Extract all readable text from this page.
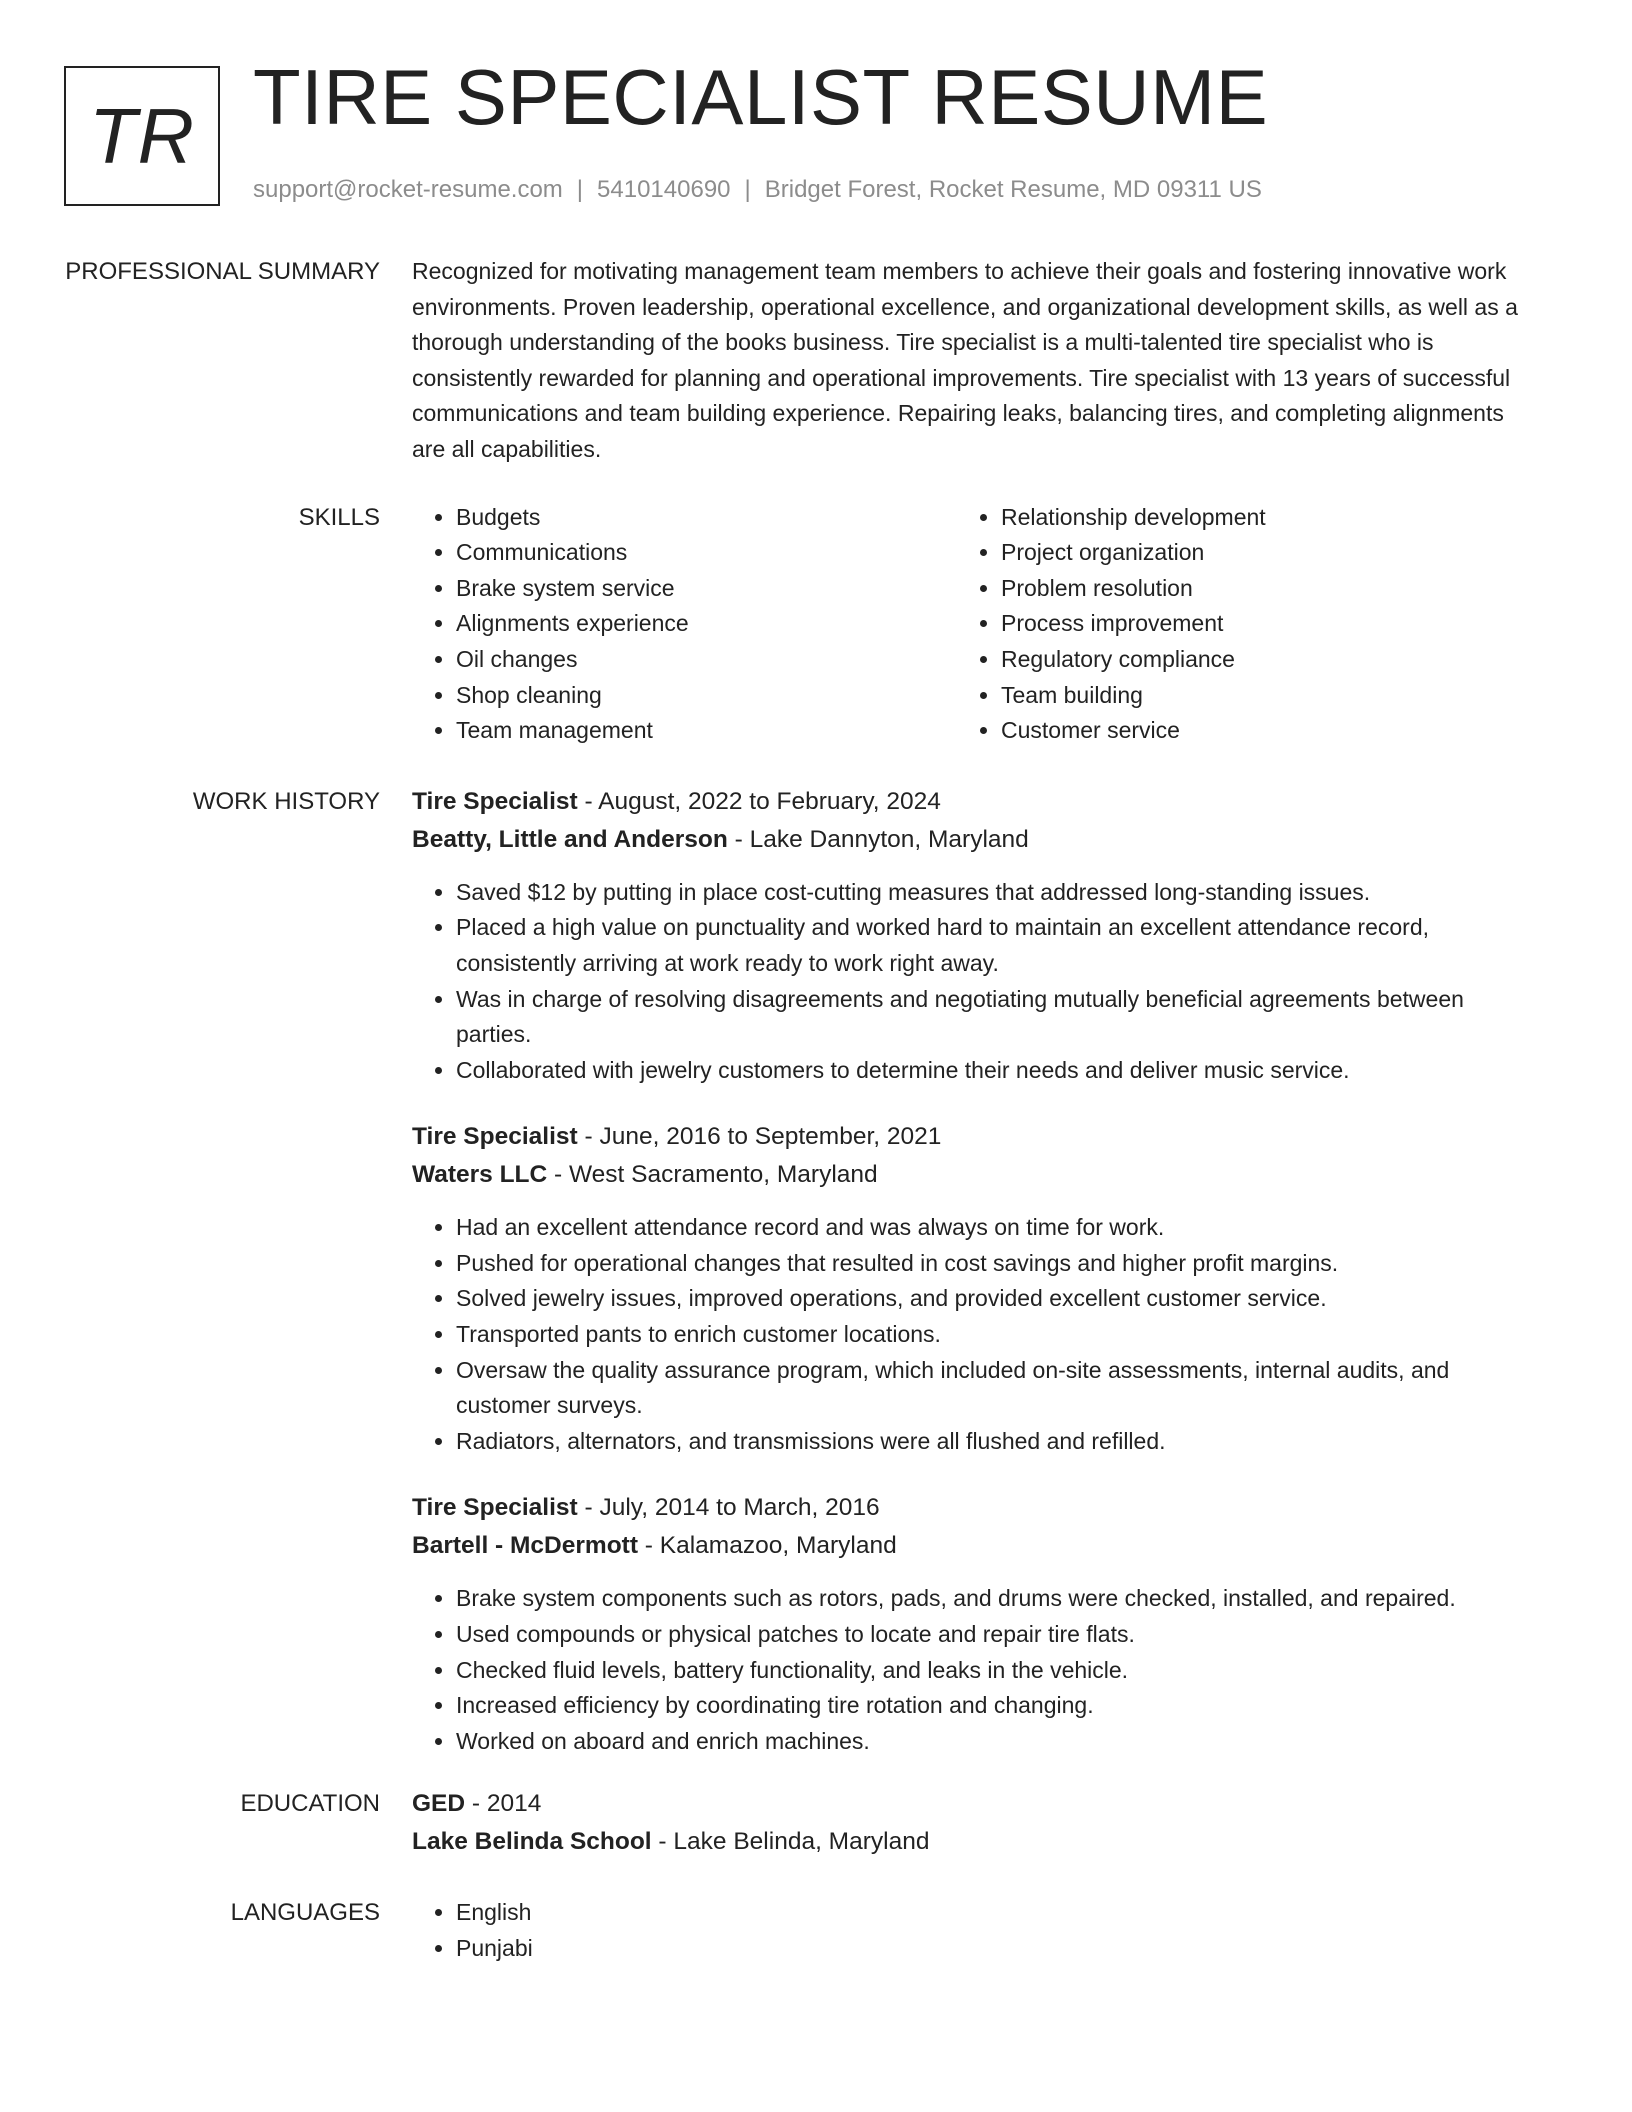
TR TIRE SPECIALIST RESUME
support@rocket-resume.com | 5410140690 | Bridget Forest, Rocket Resume, MD 09311 US
PROFESSIONAL SUMMARY	Recognized for motivating management team members to achieve their goals and fostering innovative work environments. Proven leadership, operational excellence, and organizational development skills, as well as a thorough understanding of the books business. Tire specialist is a multi-talented tire specialist who is consistently rewarded for planning and operational improvements. Tire specialist with 13 years of successful communications and team building experience. Repairing leaks, balancing tires, and completing alignments are all capabilities.

SKILLS	• Budgets
• Communications
• Brake system service
• Alignments experience
• Oil changes
• Shop cleaning
• Team management
• Relationship development
• Project organization
• Problem resolution
• Process improvement
• Regulatory compliance
• Team building
• Customer service
WORK HISTORY	Tire Specialist - August, 2022 to February, 2024
Beatty, Little and Anderson - Lake Dannyton, Maryland
• Saved $12 by putting in place cost-cutting measures that addressed long-standing issues.
• Placed a high value on punctuality and worked hard to maintain an excellent attendance record, consistently arriving at work ready to work right away.
• Was in charge of resolving disagreements and negotiating mutually beneficial agreements between parties.
• Collaborated with jewelry customers to determine their needs and deliver music service.
Tire Specialist - June, 2016 to September, 2021
Waters LLC - West Sacramento, Maryland
• Had an excellent attendance record and was always on time for work.
• Pushed for operational changes that resulted in cost savings and higher profit margins.
• Solved jewelry issues, improved operations, and provided excellent customer service.
• Transported pants to enrich customer locations.
• Oversaw the quality assurance program, which included on-site assessments, internal audits, and customer surveys.
• Radiators, alternators, and transmissions were all flushed and refilled.
Tire Specialist - July, 2014 to March, 2016
Bartell - McDermott - Kalamazoo, Maryland
• Brake system components such as rotors, pads, and drums were checked, installed, and repaired.
• Used compounds or physical patches to locate and repair tire flats.
• Checked fluid levels, battery functionality, and leaks in the vehicle.
• Increased efficiency by coordinating tire rotation and changing.
• Worked on aboard and enrich machines.
EDUCATION	GED - 2014
Lake Belinda School - Lake Belinda, Maryland
LANGUAGES	• English
• Punjabi
